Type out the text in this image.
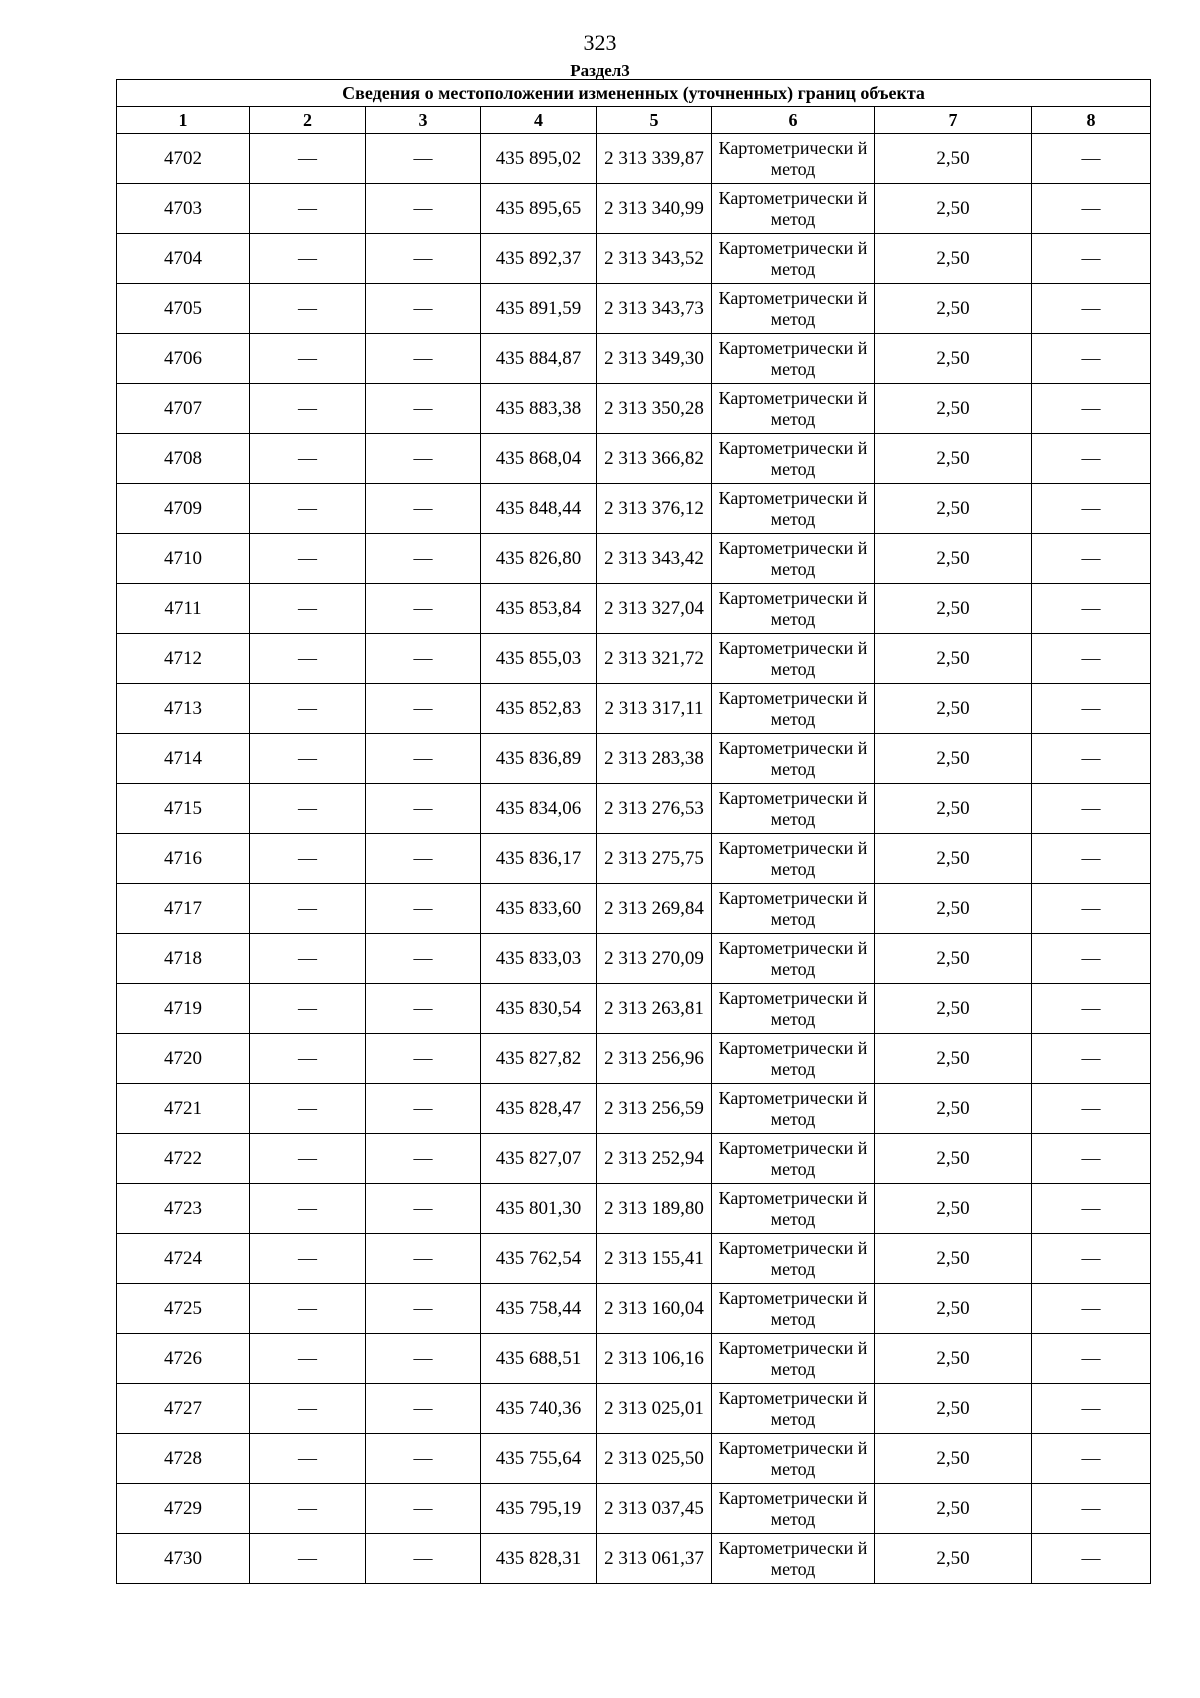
323
Раздел3
Сведения о местоположении измененных (уточненных) границ объекта							
1	2	3	4	5	6	7	8
4702	—	—	435 895,02	2 313 339,87	Картометрически й метод	2,50	—
4703	—	—	435 895,65	2 313 340,99	Картометрически й метод	2,50	—
4704	—	—	435 892,37	2 313 343,52	Картометрически й метод	2,50	—
4705	—	—	435 891,59	2 313 343,73	Картометрически й метод	2,50	—
4706	—	—	435 884,87	2 313 349,30	Картометрически й метод	2,50	—
4707	—	—	435 883,38	2 313 350,28	Картометрически й метод	2,50	—
4708	—	—	435 868,04	2 313 366,82	Картометрически й метод	2,50	—
4709	—	—	435 848,44	2 313 376,12	Картометрически й метод	2,50	—
4710	—	—	435 826,80	2 313 343,42	Картометрически й метод	2,50	—
4711	—	—	435 853,84	2 313 327,04	Картометрически й метод	2,50	—
4712	—	—	435 855,03	2 313 321,72	Картометрически й метод	2,50	—
4713	—	—	435 852,83	2 313 317,11	Картометрически й метод	2,50	—
4714	—	—	435 836,89	2 313 283,38	Картометрически й метод	2,50	—
4715	—	—	435 834,06	2 313 276,53	Картометрически й метод	2,50	—
4716	—	—	435 836,17	2 313 275,75	Картометрически й метод	2,50	—
4717	—	—	435 833,60	2 313 269,84	Картометрически й метод	2,50	—
4718	—	—	435 833,03	2 313 270,09	Картометрически й метод	2,50	—
4719	—	—	435 830,54	2 313 263,81	Картометрически й метод	2,50	—
4720	—	—	435 827,82	2 313 256,96	Картометрически й метод	2,50	—
4721	—	—	435 828,47	2 313 256,59	Картометрически й метод	2,50	—
4722	—	—	435 827,07	2 313 252,94	Картометрически й метод	2,50	—
4723	—	—	435 801,30	2 313 189,80	Картометрически й метод	2,50	—
4724	—	—	435 762,54	2 313 155,41	Картометрически й метод	2,50	—
4725	—	—	435 758,44	2 313 160,04	Картометрически й метод	2,50	—
4726	—	—	435 688,51	2 313 106,16	Картометрически й метод	2,50	—
4727	—	—	435 740,36	2 313 025,01	Картометрически й метод	2,50	—
4728	—	—	435 755,64	2 313 025,50	Картометрически й метод	2,50	—
4729	—	—	435 795,19	2 313 037,45	Картометрически й метод	2,50	—
4730	—	—	435 828,31	2 313 061,37	Картометрически й метод	2,50	—
